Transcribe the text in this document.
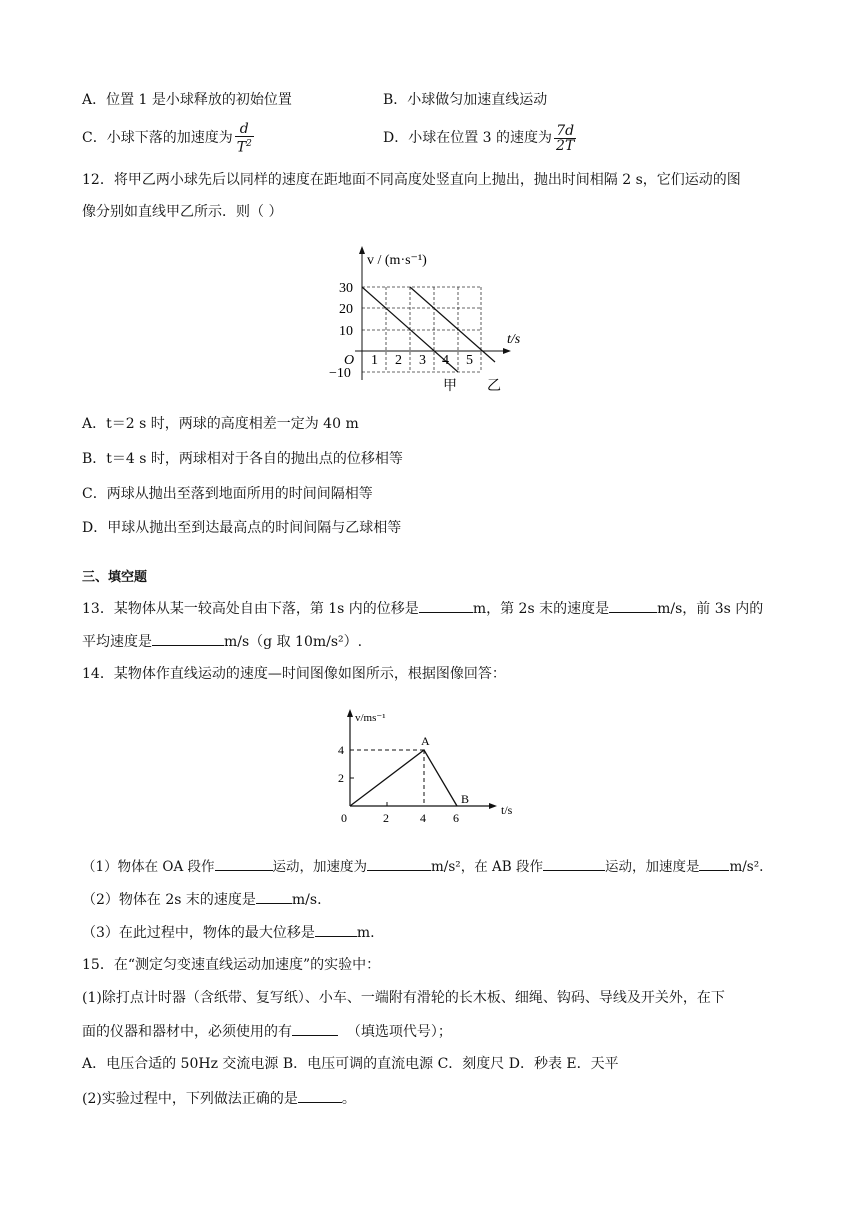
A．位置 1 是小球释放的初始位置	B．小球做匀加速直线运动
C．小球下落的加速度为 $\frac{d}{T^2}$	D．小球在位置 3 的速度为 $\frac{7d}{2T}$
12．将甲乙两小球先后以同样的速度在距地面不同高度处竖直向上抛出，抛出时间相隔 2 s，它们运动的图
像分别如直线甲乙所示．则（ ）
v / (m·s⁻¹)
t/s
O
30
20
10
−10
1 2 3 4 5
甲 乙
A．t＝2 s 时，两球的高度相差一定为 40 m
B．t＝4 s 时，两球相对于各自的抛出点的位移相等
C．两球从抛出至落到地面所用的时间间隔相等
D．甲球从抛出至到达最高点的时间间隔与乙球相等
三、填空题
13．某物体从某一较高处自由下落，第 1s 内的位移是	m，第 2s 末的速度是	m/s，前 3s 内的
平均速度是	m/s（g 取 10m/s²）.
14．某物体作直线运动的速度—时间图像如图所示，根据图像回答：
v/ms⁻¹
t/s
0
4
2
2	4 6
A
B
（1）物体在 OA 段作	运动，加速度为	m/s²，在 AB 段作	运动，加速度是 m/s².
（2）物体在 2s 末的速度是	m/s.
（3）在此过程中，物体的最大位移是	m.
15．在“测定匀变速直线运动加速度”的实验中：
(1)除打点计时器（含纸带、复写纸）、小车、一端附有滑轮的长木板、细绳、钩码、导线及开关外，在下
面的仪器和器材中，必须使用的有	（填选项代号）；
A．电压合适的 50Hz 交流电源 B．电压可调的直流电源 C．刻度尺 D．秒表 E．天平
(2)实验过程中，下列做法正确的是	。
